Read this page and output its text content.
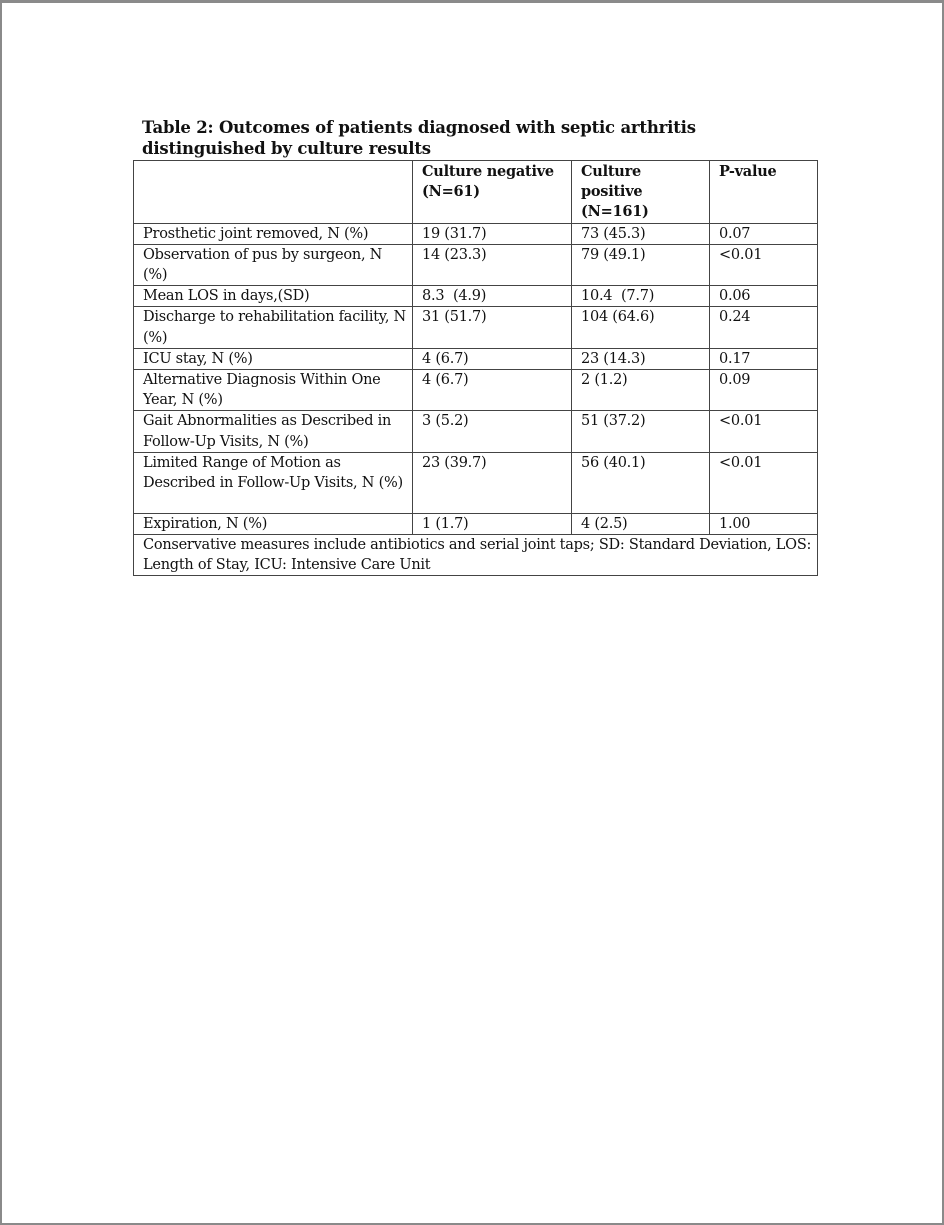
Table 2: Outcomes of patients diagnosed with septic arthritis distinguished by culture results
	Culture negative (N=61)	Culture positive (N=161)	P-value
Prosthetic joint removed, N (%)	19 (31.7)	73 (45.3)	0.07
Observation of pus by surgeon, N (%)	14 (23.3)	79 (49.1)	<0.01
Mean LOS in days,(SD)	8.3  (4.9)	10.4  (7.7)	0.06
Discharge to rehabilitation facility, N (%)	31 (51.7)	104 (64.6)	0.24
ICU stay, N (%)	4 (6.7)	23 (14.3)	0.17
Alternative Diagnosis Within One Year, N (%)	4 (6.7)	2 (1.2)	0.09
Gait Abnormalities as Described in Follow-Up Visits, N (%)	3 (5.2)	51 (37.2)	<0.01
Limited Range of Motion as Described in Follow-Up Visits, N (%)	23 (39.7)	56 (40.1)	<0.01
Expiration, N (%)	1 (1.7)	4 (2.5)	1.00
Conservative measures include antibiotics and serial joint taps; SD: Standard Deviation, LOS: Length of Stay, ICU: Intensive Care Unit			
